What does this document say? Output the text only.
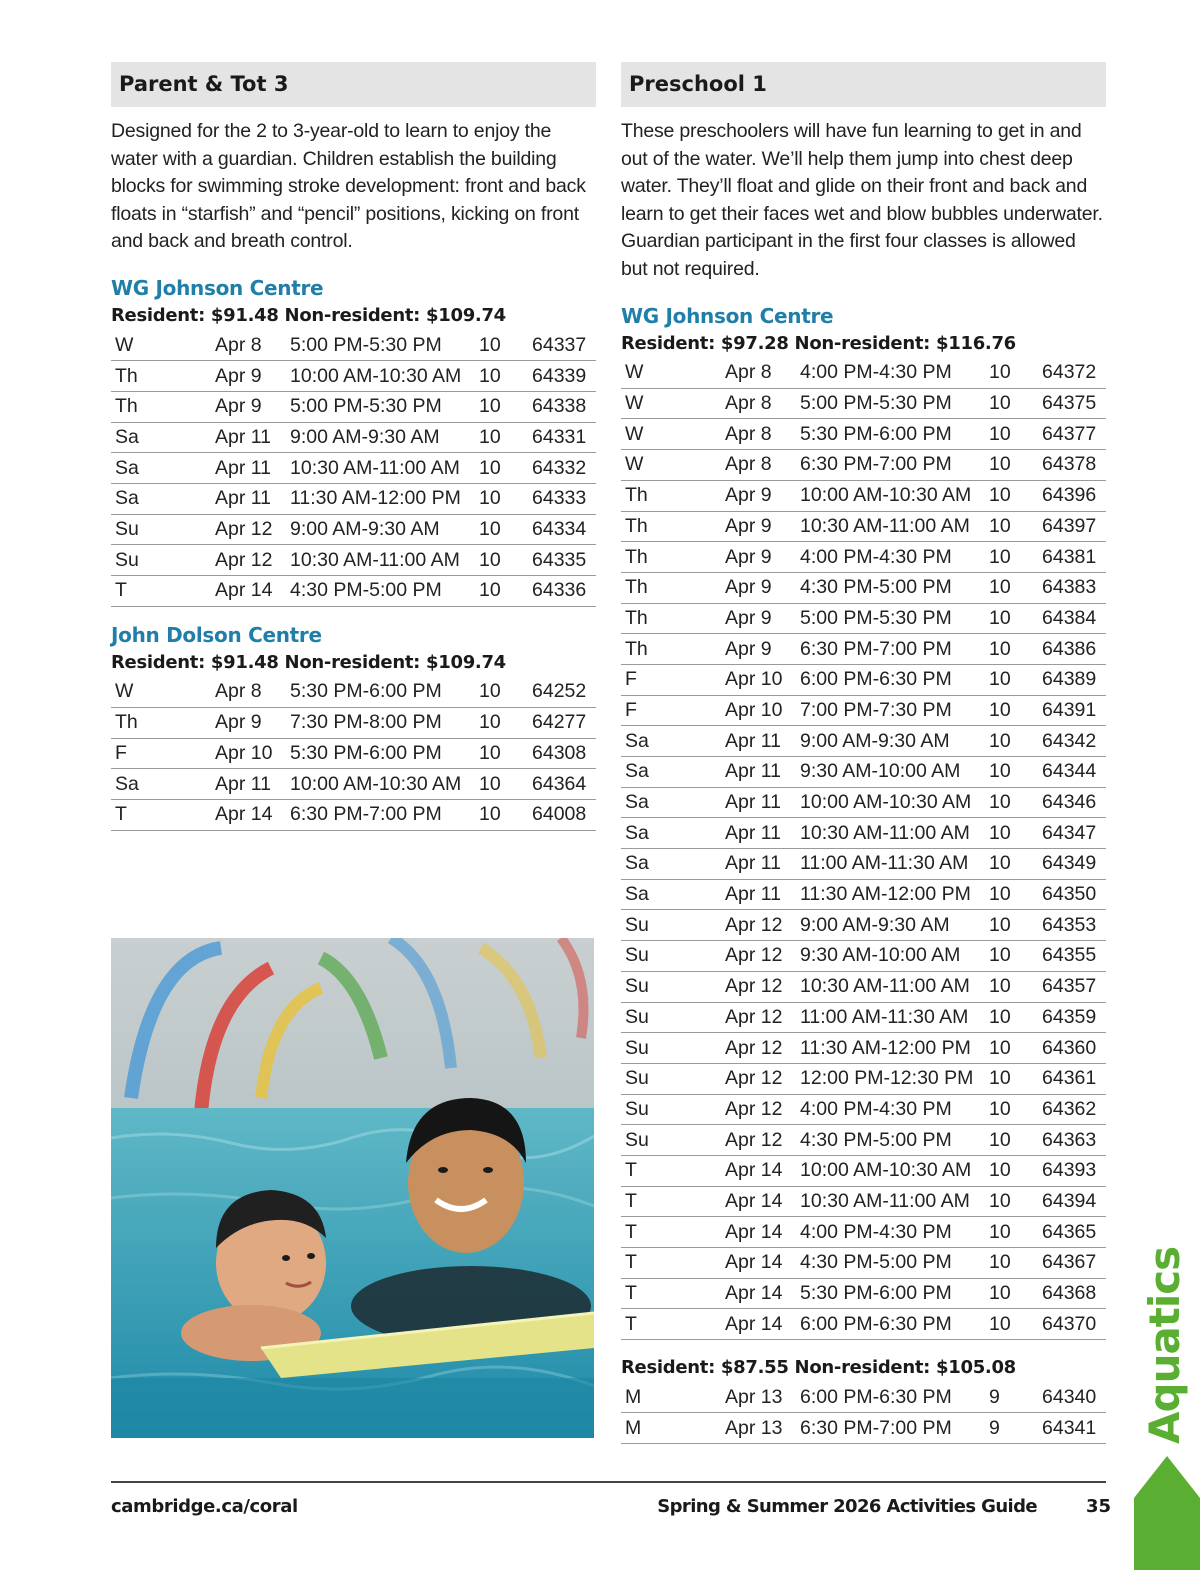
Parent & Tot 3

Designed for the 2 to 3-year-old to learn to enjoy the water with a guardian. Children establish the building blocks for swimming stroke development: front and back floats in “starfish” and “pencil” positions, kicking on front and back and breath control.

WG Johnson Centre
Resident: $91.48 Non-resident: $109.74
W	Apr 8	5:00 PM-5:30 PM	10	64337
Th	Apr 9	10:00 AM-10:30 AM	10	64339
Th	Apr 9	5:00 PM-5:30 PM	10	64338
Sa	Apr 11	9:00 AM-9:30 AM	10	64331
Sa	Apr 11	10:30 AM-11:00 AM	10	64332
Sa	Apr 11	11:30 AM-12:00 PM	10	64333
Su	Apr 12	9:00 AM-9:30 AM	10	64334
Su	Apr 12	10:30 AM-11:00 AM	10	64335
T	Apr 14	4:30 PM-5:00 PM	10	64336
John Dolson Centre
Resident: $91.48 Non-resident: $109.74
W	Apr 8	5:30 PM-6:00 PM	10	64252
Th	Apr 9	7:30 PM-8:00 PM	10	64277
F	Apr 10	5:30 PM-6:00 PM	10	64308
Sa	Apr 11	10:00 AM-10:30 AM	10	64364
T	Apr 14	6:30 PM-7:00 PM	10	64008
Preschool 1

These preschoolers will have fun learning to get in and out of the water. We’ll help them jump into chest deep water. They’ll float and glide on their front and back and learn to get their faces wet and blow bubbles underwater. Guardian participant in the first four classes is allowed but not required.

WG Johnson Centre
Resident: $97.28 Non-resident: $116.76
W	Apr 8	4:00 PM-4:30 PM	10	64372
W	Apr 8	5:00 PM-5:30 PM	10	64375
W	Apr 8	5:30 PM-6:00 PM	10	64377
W	Apr 8	6:30 PM-7:00 PM	10	64378
Th	Apr 9	10:00 AM-10:30 AM	10	64396
Th	Apr 9	10:30 AM-11:00 AM	10	64397
Th	Apr 9	4:00 PM-4:30 PM	10	64381
Th	Apr 9	4:30 PM-5:00 PM	10	64383
Th	Apr 9	5:00 PM-5:30 PM	10	64384
Th	Apr 9	6:30 PM-7:00 PM	10	64386
F	Apr 10	6:00 PM-6:30 PM	10	64389
F	Apr 10	7:00 PM-7:30 PM	10	64391
Sa	Apr 11	9:00 AM-9:30 AM	10	64342
Sa	Apr 11	9:30 AM-10:00 AM	10	64344
Sa	Apr 11	10:00 AM-10:30 AM	10	64346
Sa	Apr 11	10:30 AM-11:00 AM	10	64347
Sa	Apr 11	11:00 AM-11:30 AM	10	64349
Sa	Apr 11	11:30 AM-12:00 PM	10	64350
Su	Apr 12	9:00 AM-9:30 AM	10	64353
Su	Apr 12	9:30 AM-10:00 AM	10	64355
Su	Apr 12	10:30 AM-11:00 AM	10	64357
Su	Apr 12	11:00 AM-11:30 AM	10	64359
Su	Apr 12	11:30 AM-12:00 PM	10	64360
Su	Apr 12	12:00 PM-12:30 PM	10	64361
Su	Apr 12	4:00 PM-4:30 PM	10	64362
Su	Apr 12	4:30 PM-5:00 PM	10	64363
T	Apr 14	10:00 AM-10:30 AM	10	64393
T	Apr 14	10:30 AM-11:00 AM	10	64394
T	Apr 14	4:00 PM-4:30 PM	10	64365
T	Apr 14	4:30 PM-5:00 PM	10	64367
T	Apr 14	5:30 PM-6:00 PM	10	64368
T	Apr 14	6:00 PM-6:30 PM	10	64370
Resident: $87.55 Non-resident: $105.08
M	Apr 13	6:00 PM-6:30 PM	9	64340
M	Apr 13	6:30 PM-7:00 PM	9	64341
cambridge.ca/coral	Spring & Summer 2026 Activities Guide	35
Aquatics
